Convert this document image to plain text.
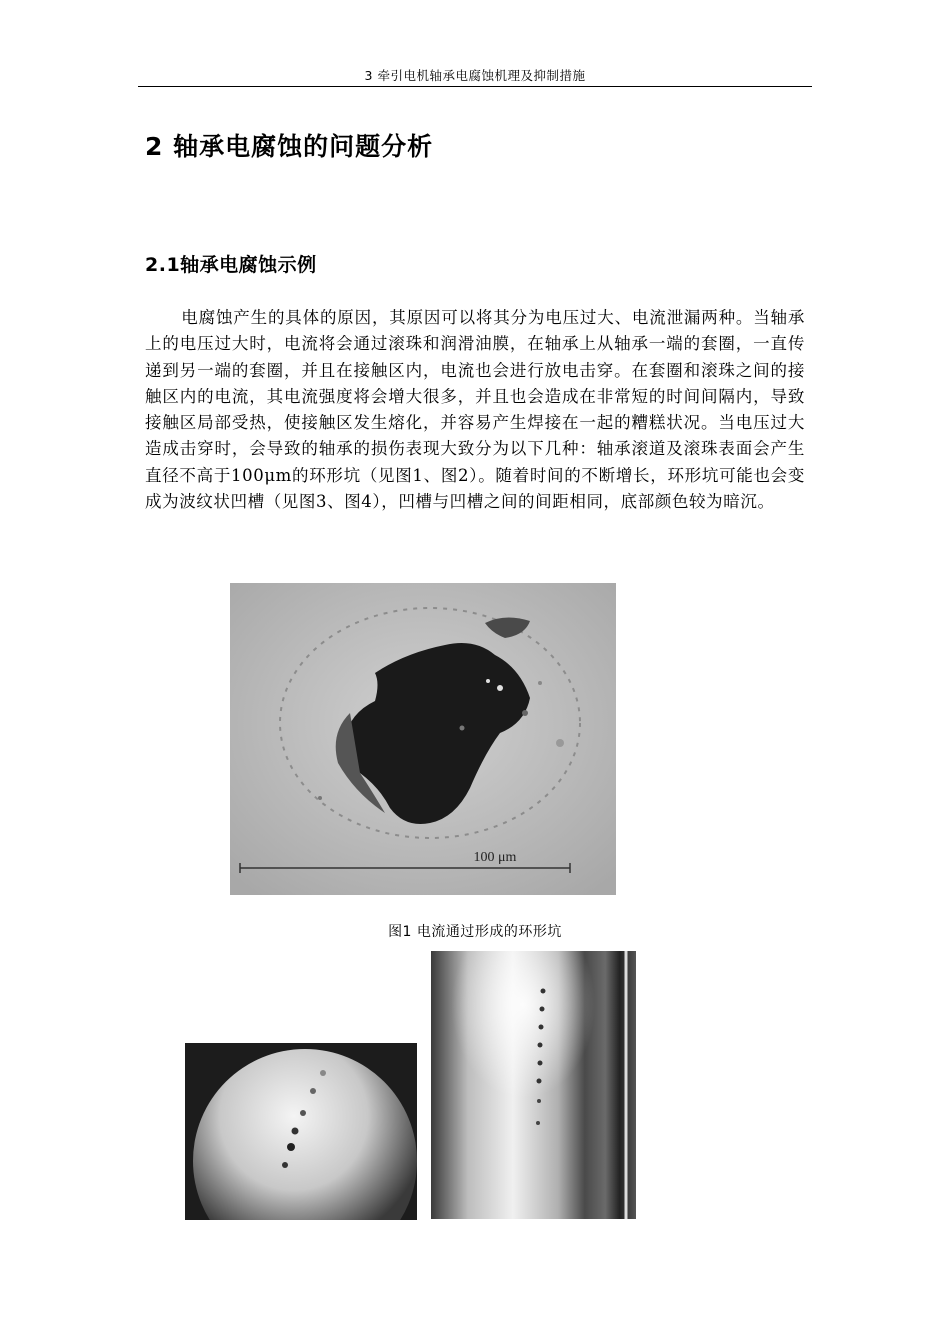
3 牵引电机轴承电腐蚀机理及抑制措施
2 轴承电腐蚀的问题分析
2.1轴承电腐蚀示例

电腐蚀产生的具体的原因，其原因可以将其分为电压过大、电流泄漏两种。当轴承上的电压过大时，电流将会通过滚珠和润滑油膜，在轴承上从轴承一端的套圈，一直传递到另一端的套圈，并且在接触区内，电流也会进行放电击穿。在套圈和滚珠之间的接触区内的电流，其电流强度将会增大很多，并且也会造成在非常短的时间间隔内，导致接触区局部受热，使接触区发生熔化，并容易产生焊接在一起的糟糕状况。当电压过大造成击穿时，会导致的轴承的损伤表现大致分为以下几种：轴承滚道及滚珠表面会产生直径不高于100μm的环形坑（见图1、图2）。随着时间的不断增长，环形坑可能也会变成为波纹状凹槽（见图3、图4），凹槽与凹槽之间的间距相同，底部颜色较为暗沉。

100 μm
图1 电流通过形成的环形坑
